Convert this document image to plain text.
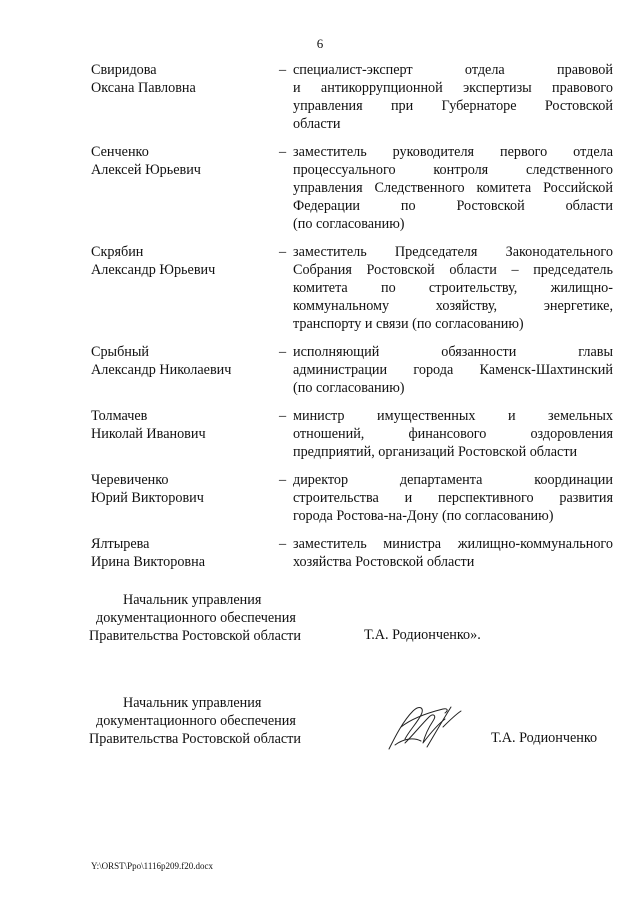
6
Свиридова
Оксана Павловна
– специалист-эксперт отдела правовой
и антикоррупционной экспертизы правового
управления при Губернаторе Ростовской
области
Сенченко
Алексей Юрьевич
– заместитель руководителя первого отдела
процессуального контроля следственного
управления Следственного комитета Российской
Федерации по Ростовской области
(по согласованию)
Скрябин
Александр Юрьевич
– заместитель Председателя Законодательного
Собрания Ростовской области – председатель
комитета по строительству, жилищно-
коммунальному хозяйству, энергетике,
транспорту и связи (по согласованию)
Срыбный
Александр Николаевич
– исполняющий обязанности главы
администрации города Каменск-Шахтинский
(по согласованию)
Толмачев
Николай Иванович
– министр имущественных и земельных
отношений, финансового оздоровления
предприятий, организаций Ростовской области
Черевиченко
Юрий Викторович
– директор департамента координации
строительства и перспективного развития
города Ростова-на-Дону (по согласованию)
Ялтырева
Ирина Викторовна
– заместитель министра жилищно-коммунального
хозяйства Ростовской области
Начальник управления
документационного обеспечения
Правительства Ростовской области	Т.А. Родионченко».
Начальник управления
документационного обеспечения
Правительства Ростовской области	Т.А. Родионченко
Y:\ORST\Ppo\1116p209.f20.docx
